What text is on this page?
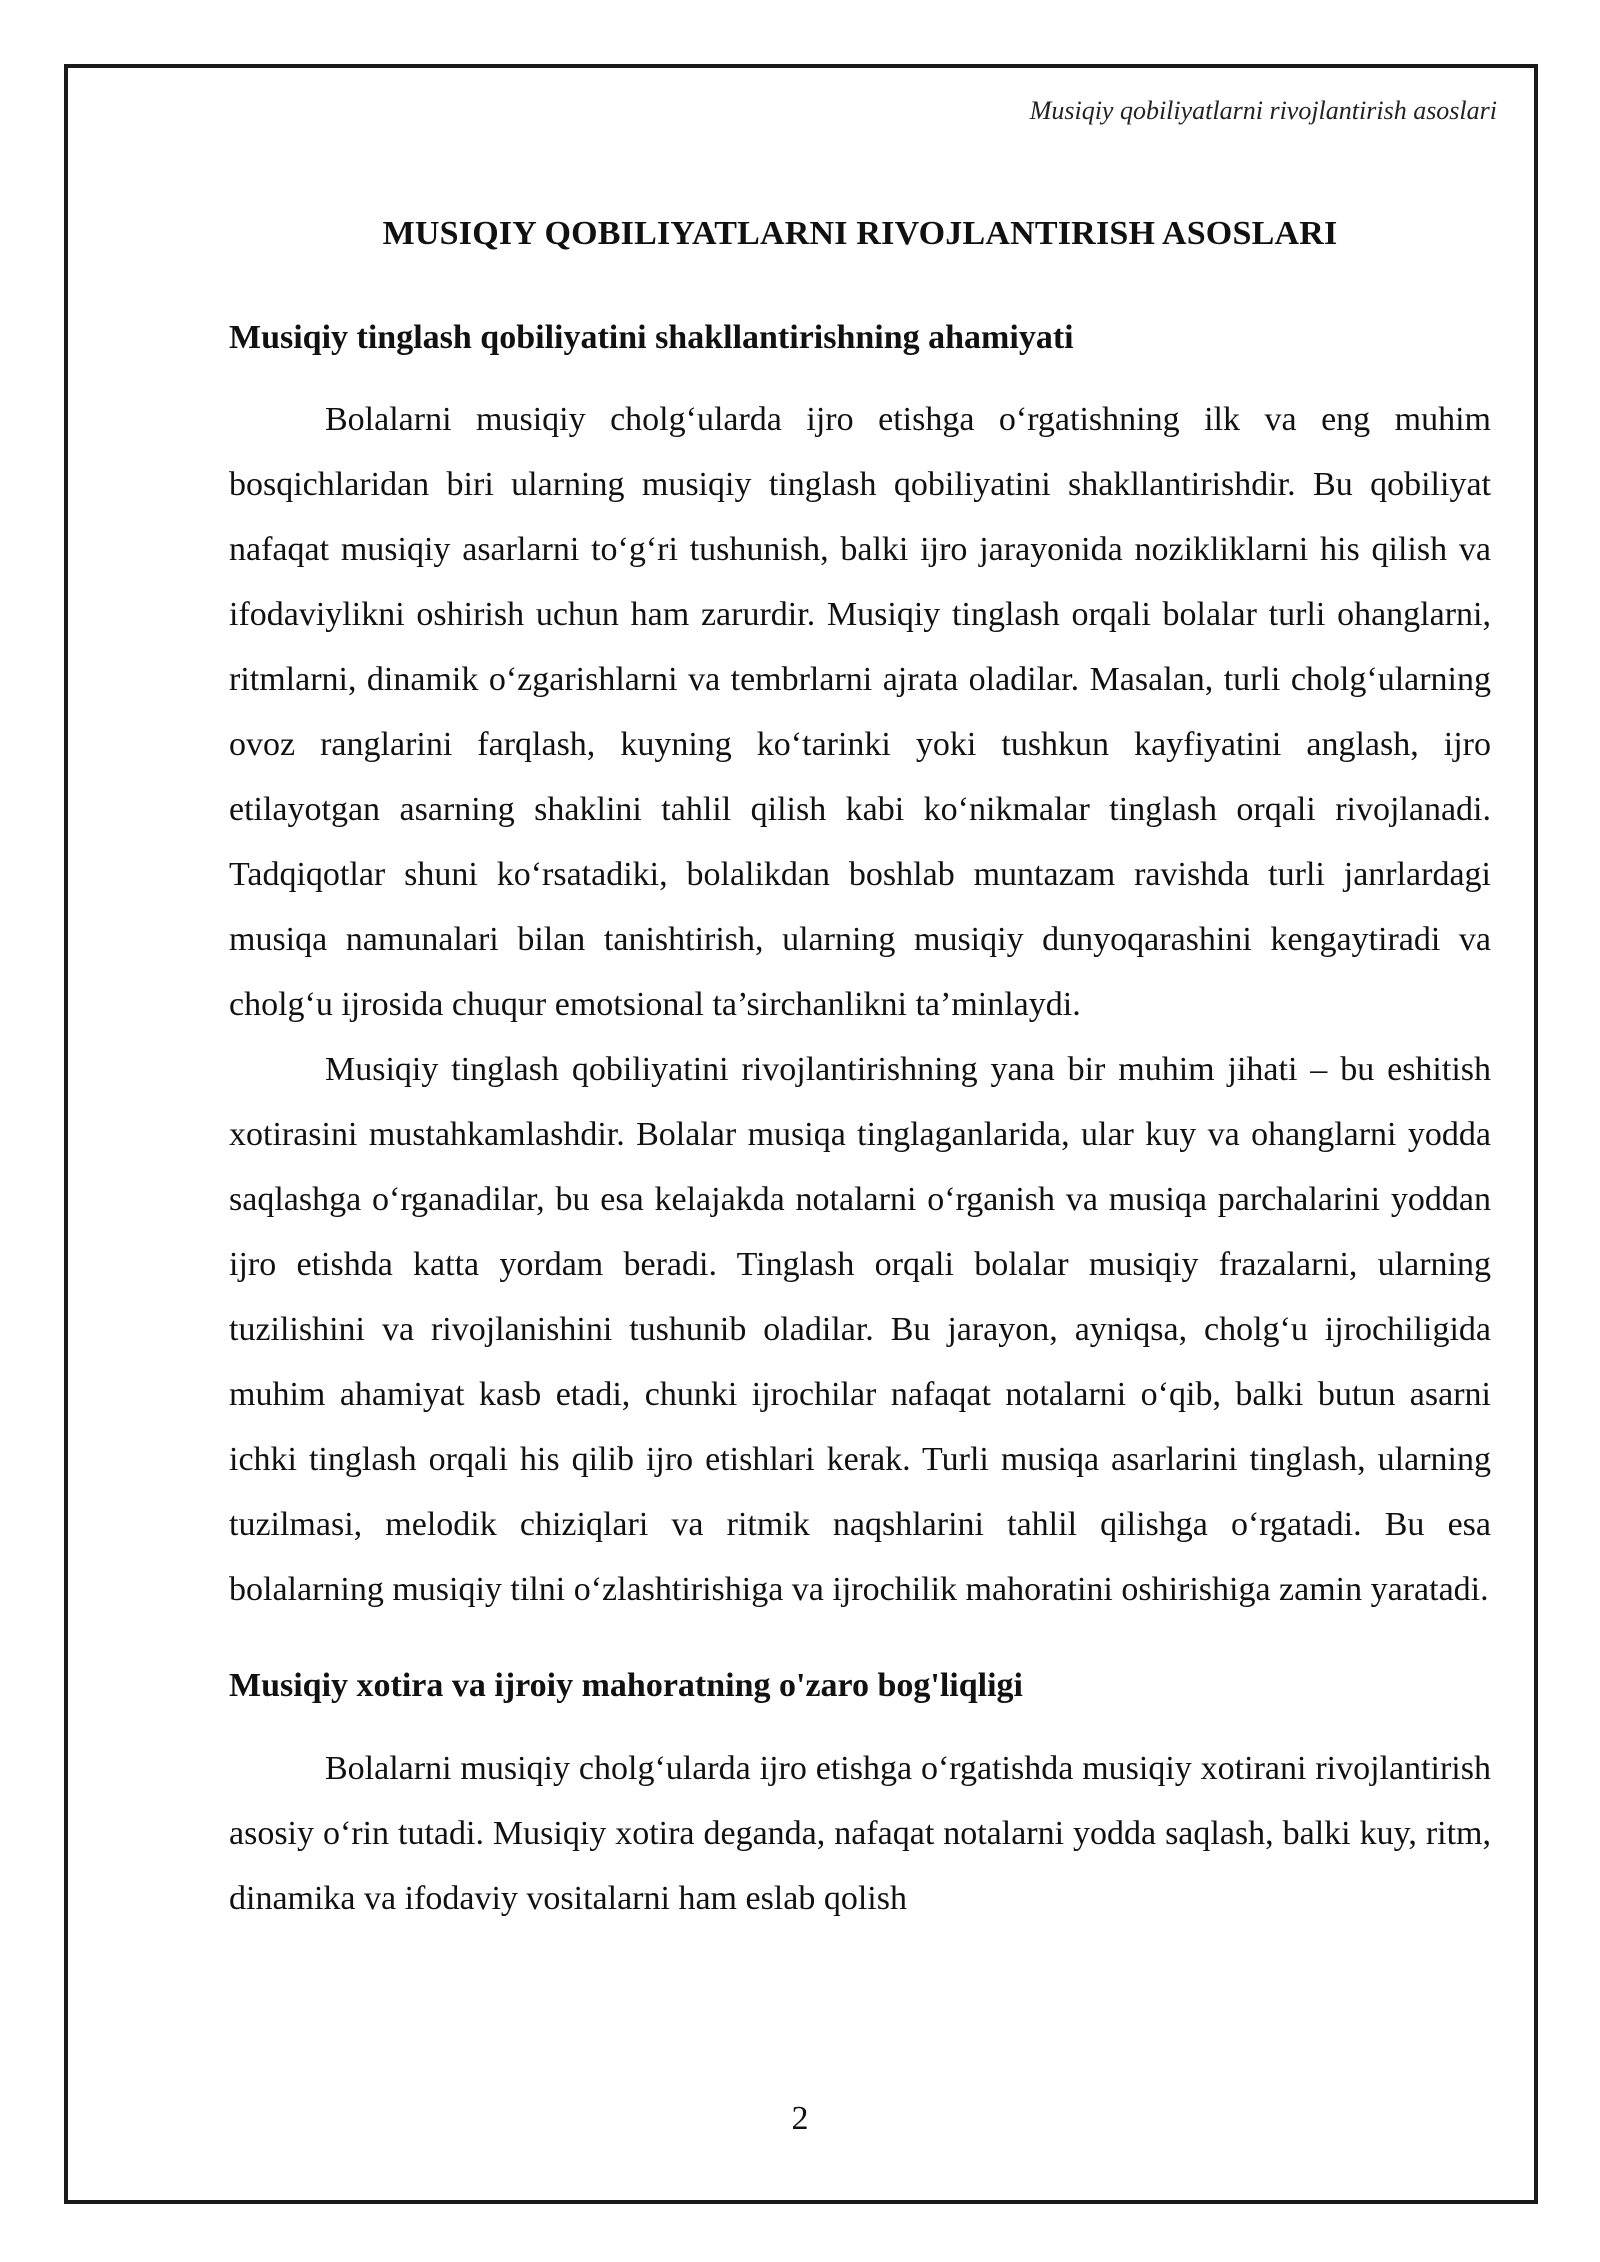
Musiqiy qobiliyatlarni rivojlantirish asoslari
MUSIQIY QOBILIYATLARNI RIVOJLANTIRISH ASOSLARI
Musiqiy tinglash qobiliyatini shakllantirishning ahamiyati

Bolalarni musiqiy cholg‘ularda ijro etishga o‘rgatishning ilk va eng muhim bosqichlaridan biri ularning musiqiy tinglash qobiliyatini shakllantirishdir. Bu qobiliyat nafaqat musiqiy asarlarni to‘g‘ri tushunish, balki ijro jarayonida nozikliklarni his qilish va ifodaviylikni oshirish uchun ham zarurdir. Musiqiy tinglash orqali bolalar turli ohanglarni, ritmlarni, dinamik o‘zgarishlarni va tembrlarni ajrata oladilar. Masalan, turli cholg‘ularning ovoz ranglarini farqlash, kuyning ko‘tarinki yoki tushkun kayfiyatini anglash, ijro etilayotgan asarning shaklini tahlil qilish kabi ko‘nikmalar tinglash orqali rivojlanadi. Tadqiqotlar shuni ko‘rsatadiki, bolalikdan boshlab muntazam ravishda turli janrlardagi musiqa namunalari bilan tanishtirish, ularning musiqiy dunyoqarashini kengaytiradi va cholg‘u ijrosida chuqur emotsional ta’sirchanlikni ta’minlaydi.

Musiqiy tinglash qobiliyatini rivojlantirishning yana bir muhim jihati – bu eshitish xotirasini mustahkamlashdir. Bolalar musiqa tinglaganlarida, ular kuy va ohanglarni yodda saqlashga o‘rganadilar, bu esa kelajakda notalarni o‘rganish va musiqa parchalarini yoddan ijro etishda katta yordam beradi. Tinglash orqali bolalar musiqiy frazalarni, ularning tuzilishini va rivojlanishini tushunib oladilar. Bu jarayon, ayniqsa, cholg‘u ijrochiligida muhim ahamiyat kasb etadi, chunki ijrochilar nafaqat notalarni o‘qib, balki butun asarni ichki tinglash orqali his qilib ijro etishlari kerak. Turli musiqa asarlarini tinglash, ularning tuzilmasi, melodik chiziqlari va ritmik naqshlarini tahlil qilishga o‘rgatadi. Bu esa bolalarning musiqiy tilni o‘zlashtirishiga va ijrochilik mahoratini oshirishiga zamin yaratadi.

Musiqiy xotira va ijroiy mahoratning o'zaro bog'liqligi

Bolalarni musiqiy cholg‘ularda ijro etishga o‘rgatishda musiqiy xotirani rivojlantirish asosiy o‘rin tutadi. Musiqiy xotira deganda, nafaqat notalarni yodda saqlash, balki kuy, ritm, dinamika va ifodaviy vositalarni ham eslab qolish

2
